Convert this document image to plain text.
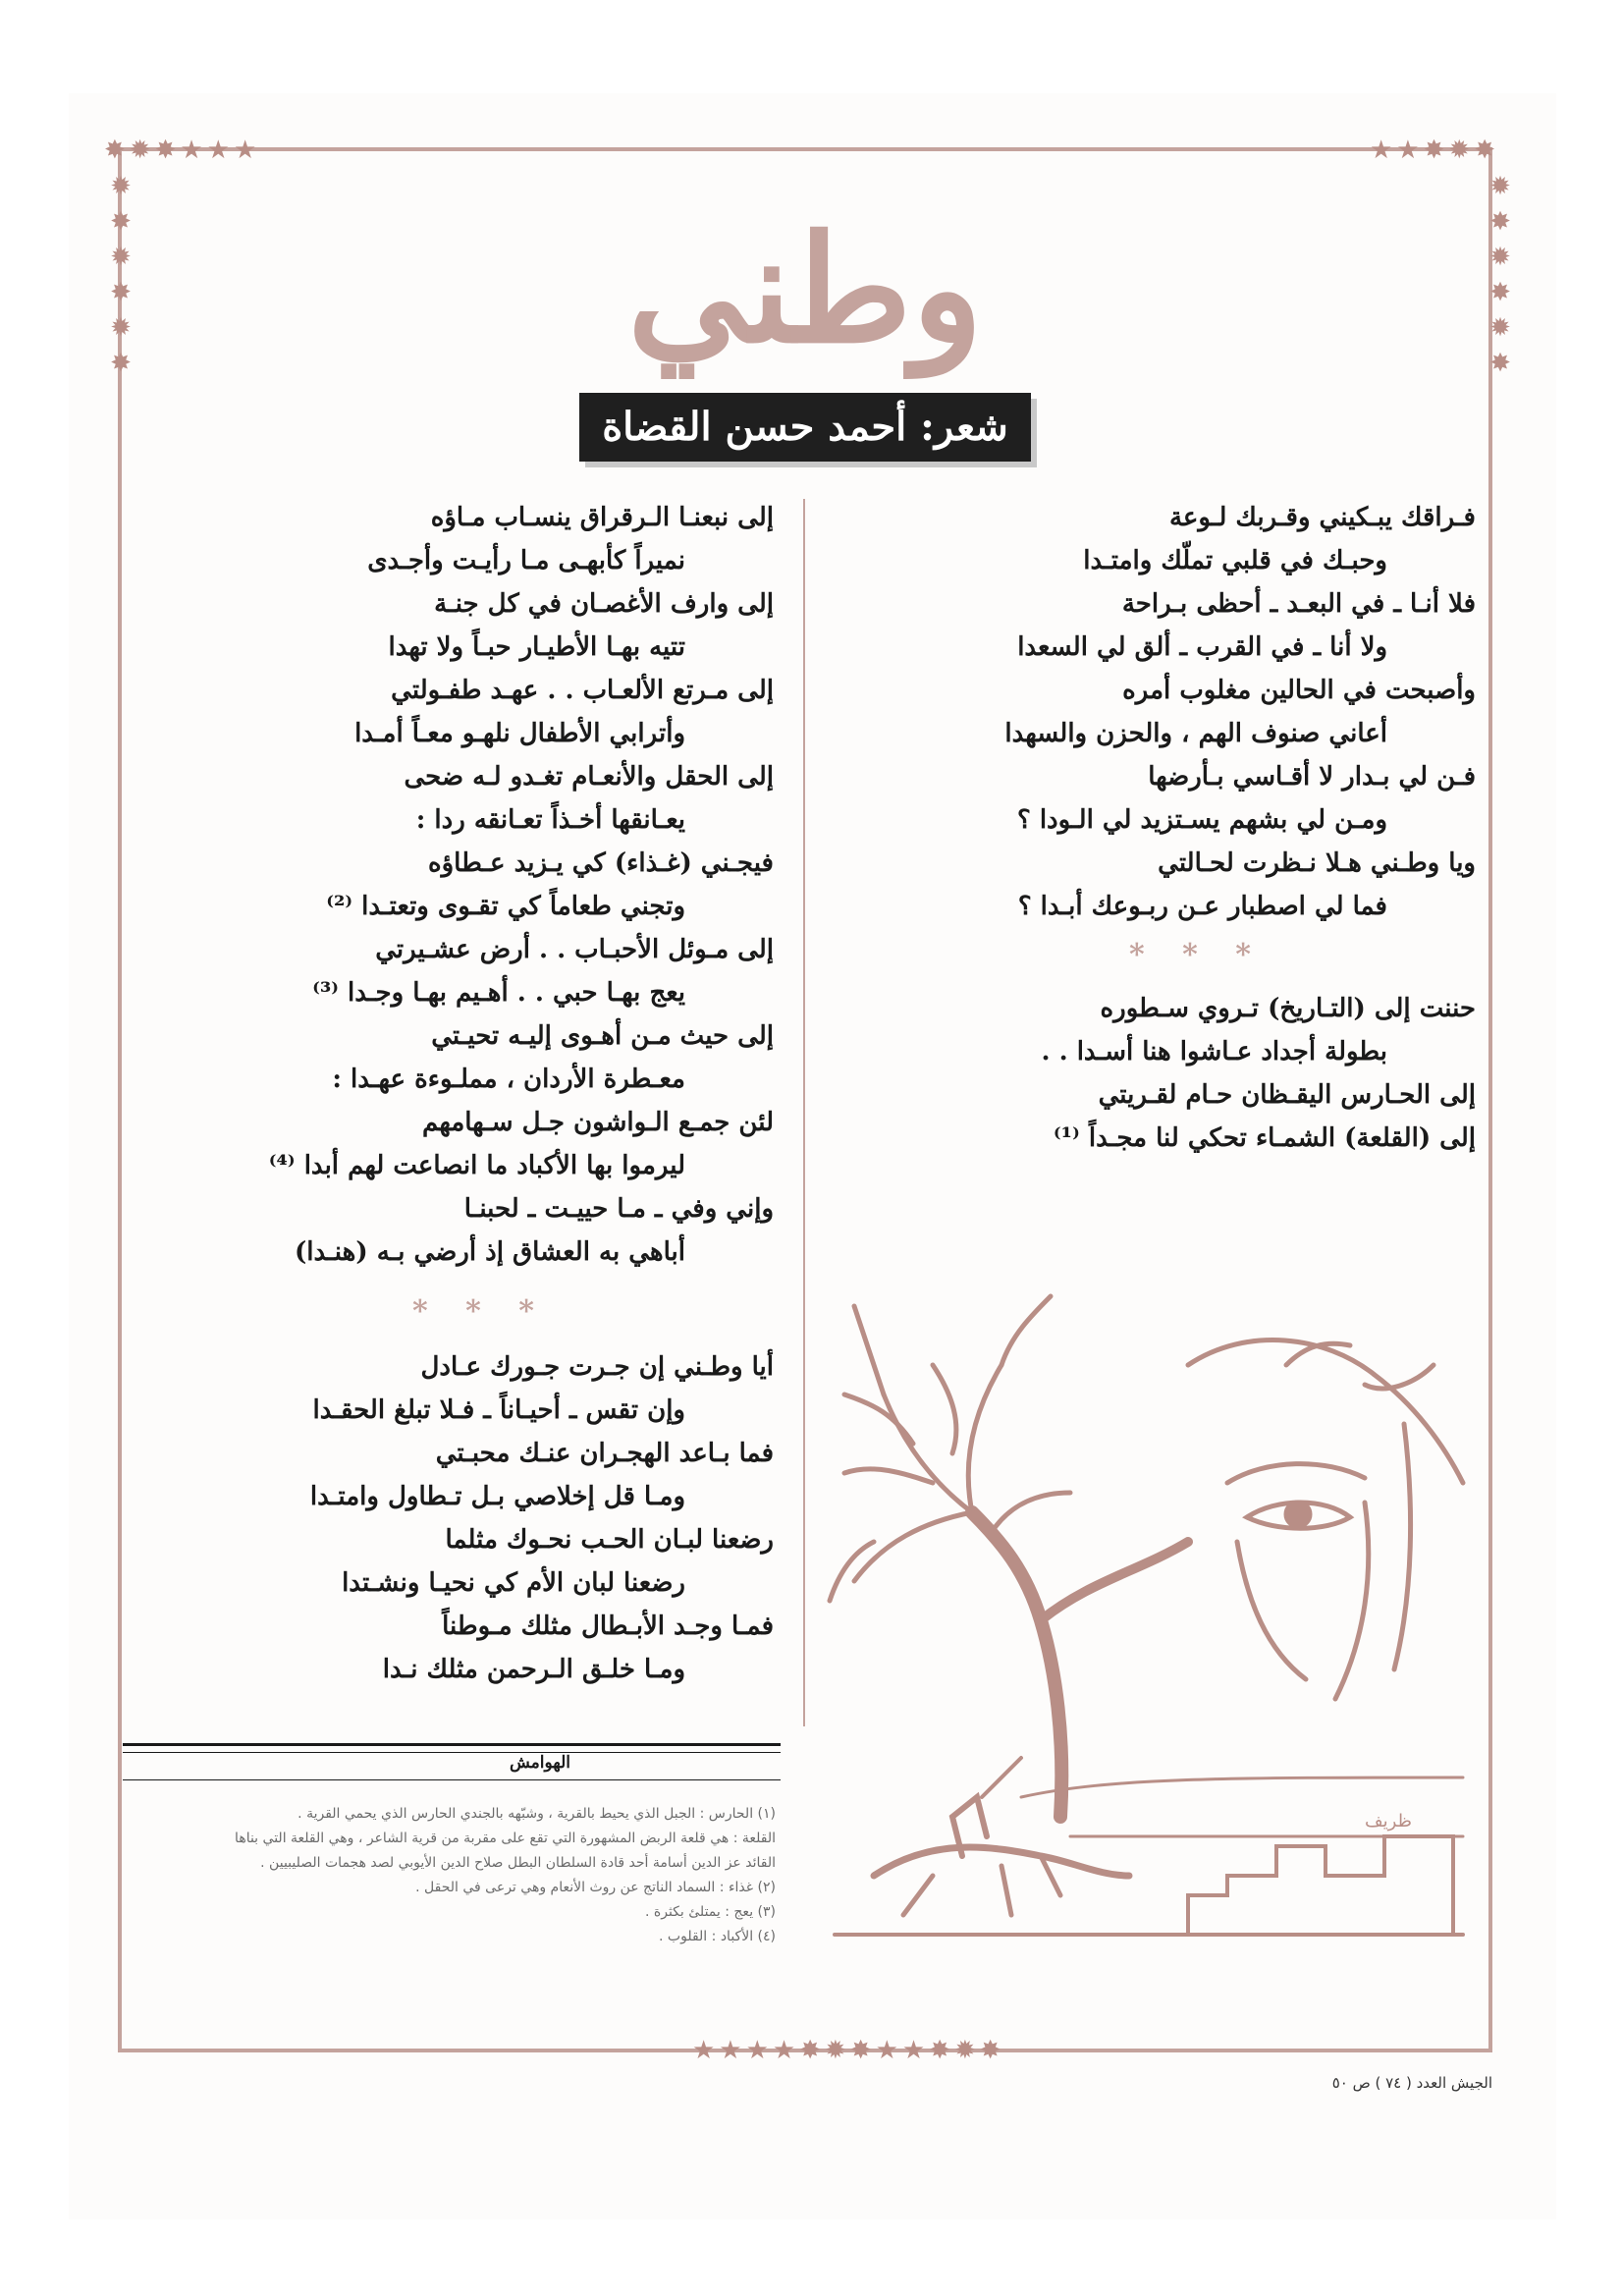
✸✹✸★★★	★★✸✹✸
✹✸✹✸✹✸	✹✸✹✸✹✸
★★★★✸✹✸★★✸✹✸
وطني
شعر: أحمد حسن القضاة
فـراقك يبـكيني وقـربك لـوعة
وحبـك في قلبي تملّك وامتـدا
فلا أنـا ـ في البعـد ـ أحظى بـراحة
ولا أنا ـ في القرب ـ ألق لي السعدا
وأصبحت في الحالين مغلوب أمره
أعاني صنوف الهم ، والحزن والسهدا
فـن لي بـدار لا أقـاسي بـأرضها
ومـن لي بشهم يسـتزيد لي الـودا ؟
ويا وطـني هـلا نـظرت لحـالتي
فما لي اصطبار عـن ربـوعك أبـدا ؟
* * *
حننت إلى (التـاريخ) تـروي سـطوره
بطولة أجداد عـاشوا هنا أسـدا . .
إلى الحـارس اليقـظان حـام لقـريتي
إلى (القلعة) الشمـاء تحكي لنا مجـداً ⁽¹⁾
إلى نبعنـا الـرقراق ينسـاب مـاؤه
نميراً كأبهـى مـا رأيـت وأجـدى
إلى وارف الأغصـان في كل جنـة
تتيه بهـا الأطيـار حبـاً ولا تهدا
إلى مـرتع الألعـاب . . عهـد طفـولتي
وأترابي الأطفال نلهـو معـاً أمـدا
إلى الحقل والأنعـام تغـدو لـه ضحى
يعـانقها أخـذاً تعـانقه ردا :
فيجـني (غـذاء) كي يـزيد عـطاؤه
وتجني طعاماً كي تقـوى وتعتـدا ⁽²⁾
إلى مـوئل الأحبـاب . . أرض عشـيرتي
يعج بهـا حبي . . أهـيم بهـا وجـدا ⁽³⁾
إلى حيث مـن أهـوى إليـه تحيـتي
معـطرة الأردان ، مملـوءة عهـدا :
لئن جمـع الـواشون جـل سـهامهم
ليرموا بها الأكباد ما انصاعت لهم أبدا ⁽⁴⁾
وإني وفي ـ مـا حييـت ـ لحبنـا
أباهي به العشاق إذ أرضي بـه (هنـدا)
* * *
أيا وطـني إن جـرت جـورك عـادل
وإن تقس ـ أحيـاناً ـ فـلا تبلغ الحقـدا
فما بـاعد الهجـران عنـك محبـتي
ومـا قل إخلاصي بـل تـطاول وامتـدا
رضعنا لبـان الحـب نحـوك مثلما
رضعنا لبان الأم كي نحيـا ونشـتدا
فمـا وجـد الأبـطال مثلك مـوطناً
ومـا خلـق الـرحمن مثلك نـدا
الهوامش
(١) الحارس : الجبل الذي يحيط بالقرية ، وشبّهه بالجندي الحارس الذي يحمي القرية .
القلعة : هي قلعة الربض المشهورة التي تقع على مقربة من قرية الشاعر ، وهي القلعة التي بناها
القائد عز الدين أسامة أحد قادة السلطان البطل صلاح الدين الأيوبي لصد هجمات الصليبيين .
(٢) غذاء : السماد الناتج عن روث الأنعام وهي ترعى في الحقل .
(٣) يعج : يمتلئ بكثرة .
(٤) الأكباد : القلوب .
ظريف
الجيش العدد ( ٧٤ ) ص ٥٠
